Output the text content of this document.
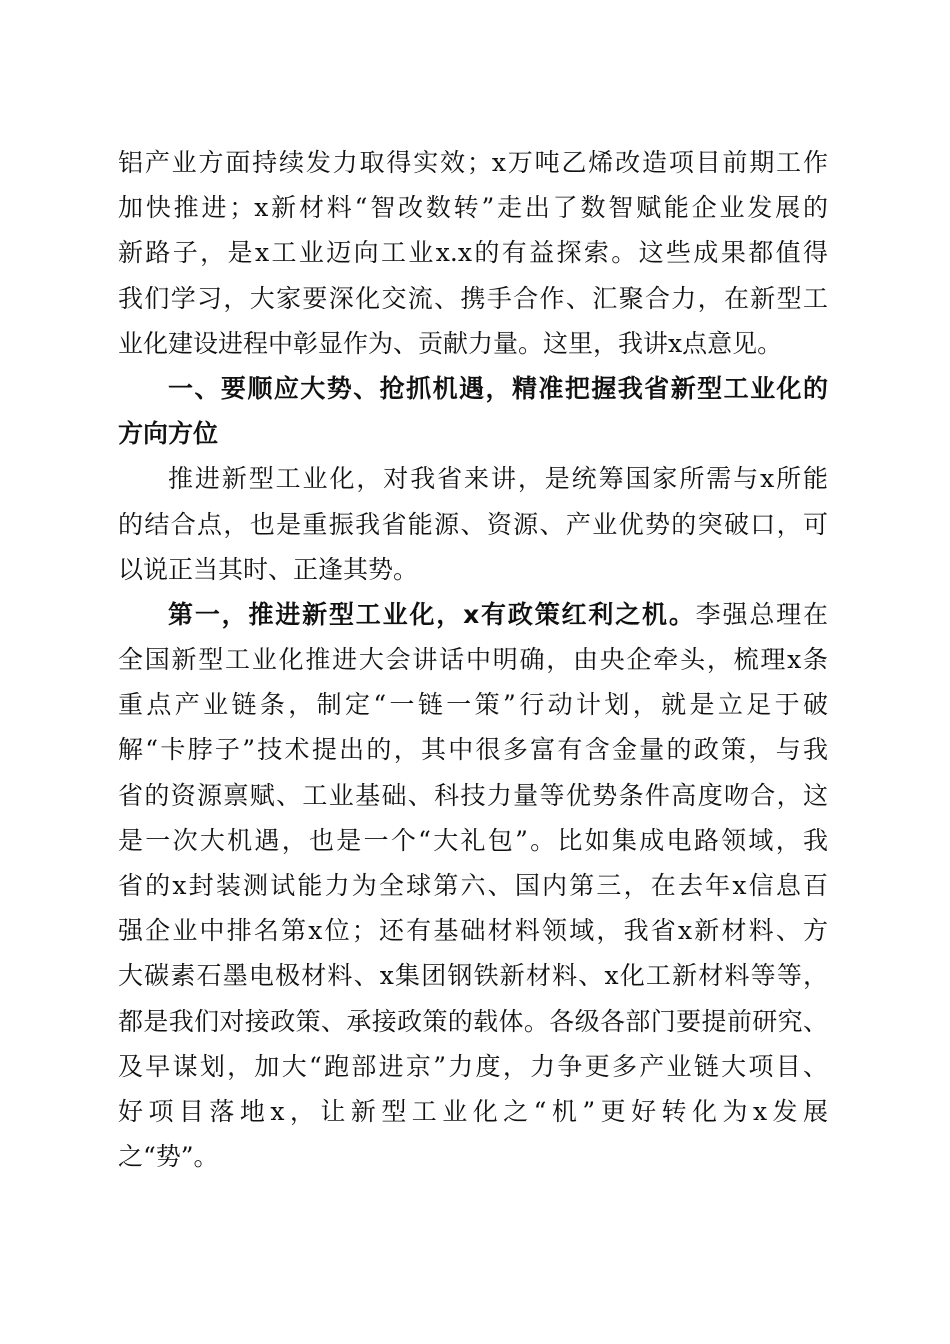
铝产业方面持续发力取得实效；x万吨乙烯改造项目前期工作
加快推进；x新材料“智改数转”走出了数智赋能企业发展的
新路子，是x工业迈向工业x.x的有益探索。这些成果都值得
我们学习，大家要深化交流、携手合作、汇聚合力，在新型工
业化建设进程中彰显作为、贡献力量。这里，我讲x点意见。
一、要顺应大势、抢抓机遇，精准把握我省新型工业化的
方向方位
推进新型工业化，对我省来讲，是统筹国家所需与x所能
的结合点，也是重振我省能源、资源、产业优势的突破口，可
以说正当其时、正逢其势。
第一，推进新型工业化，x有政策红利之机。李强总理在
全国新型工业化推进大会讲话中明确，由央企牵头，梳理x条
重点产业链条，制定“一链一策”行动计划，就是立足于破
解“卡脖子”技术提出的，其中很多富有含金量的政策，与我
省的资源禀赋、工业基础、科技力量等优势条件高度吻合，这
是一次大机遇，也是一个“大礼包”。比如集成电路领域，我
省的x封装测试能力为全球第六、国内第三，在去年x信息百
强企业中排名第x位；还有基础材料领域，我省x新材料、方
大碳素石墨电极材料、x集团钢铁新材料、x化工新材料等等，
都是我们对接政策、承接政策的载体。各级各部门要提前研究、
及早谋划，加大“跑部进京”力度，力争更多产业链大项目、
好项目落地x，让新型工业化之“机”更好转化为x发展
之“势”。
